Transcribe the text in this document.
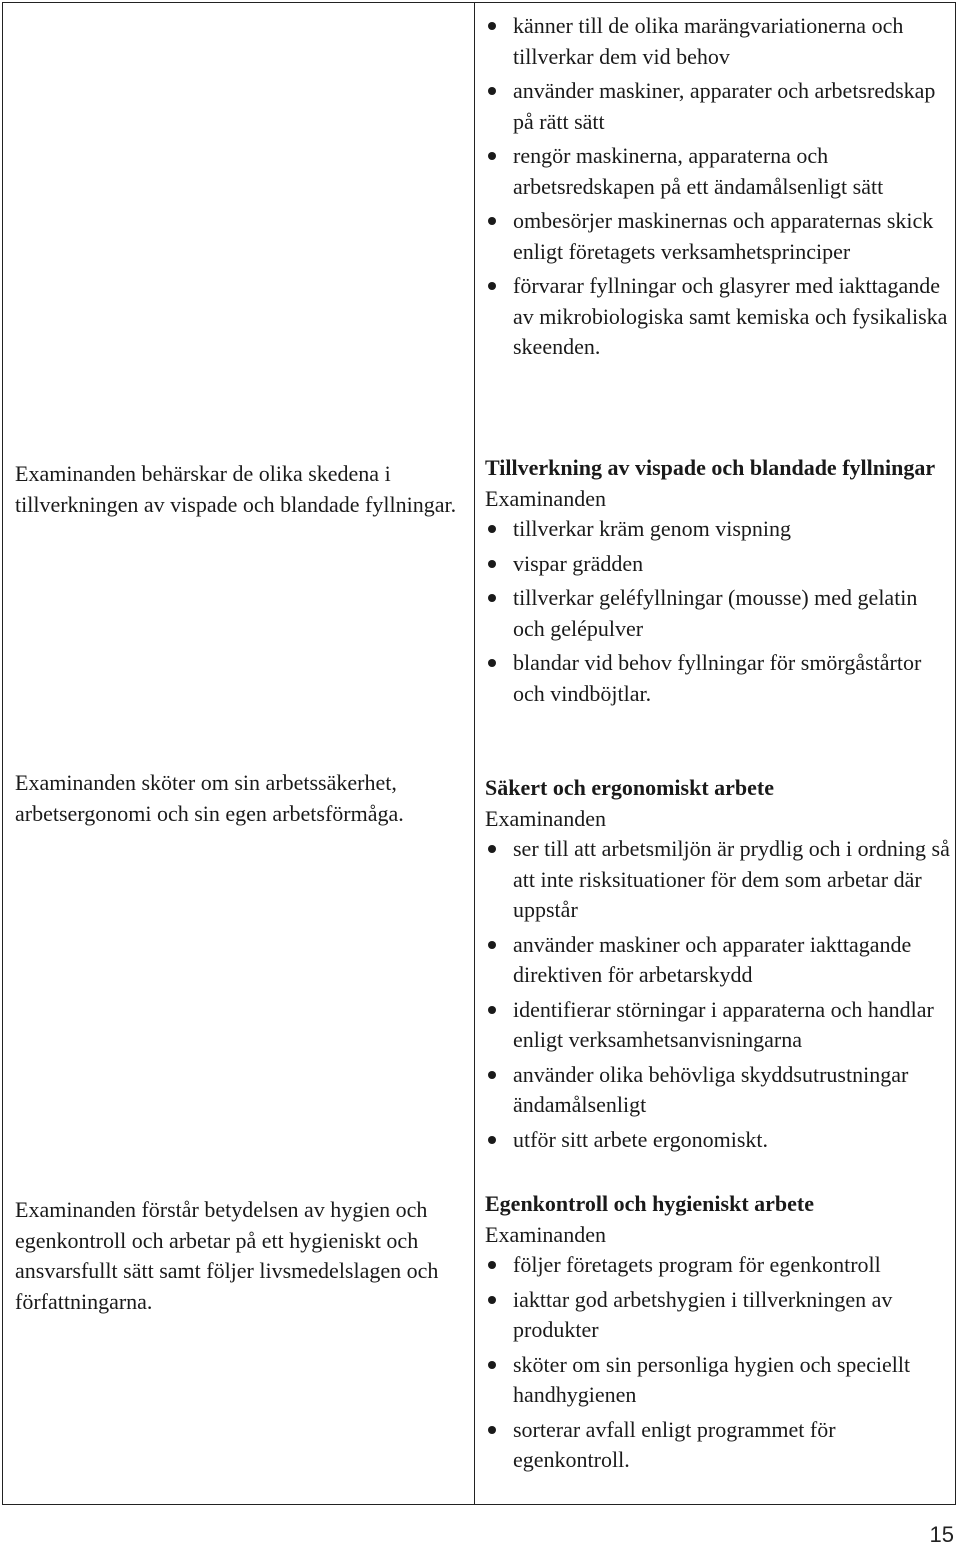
Examinanden behärskar de olika skedena i tillverkningen av vispade och blandade fyllningar.
Examinanden sköter om sin arbetssäkerhet, arbetsergonomi och sin egen arbetsförmåga.
Examinanden förstår betydelsen av hygien och egenkontroll och arbetar på ett hygieniskt och ansvarsfullt sätt samt följer livsmedelslagen och författningarna.
känner till de olika marängvariationerna och tillverkar dem vid behov
använder maskiner, apparater och arbetsredskap på rätt sätt
rengör maskinerna, apparaterna och arbetsredskapen på ett ändamålsenligt sätt
ombesörjer maskinernas och apparaternas skick enligt företagets verksamhetsprinciper
förvarar fyllningar och glasyrer med iakttagande av mikrobiologiska samt kemiska och fysikaliska skeenden.

Tillverkning av vispade och blandade fyllningar

Examinanden

tillverkar kräm genom vispning
vispar grädden
tillverkar geléfyllningar (mousse) med gelatin och gelépulver
blandar vid behov fyllningar för smörgåstårtor och vindböjtlar.

Säkert och ergonomiskt arbete

Examinanden

ser till att arbetsmiljön är prydlig och i ordning så att inte risksituationer för dem som arbetar där uppstår
använder maskiner och apparater iakttagande direktiven för arbetarskydd
identifierar störningar i apparaterna och handlar enligt verksamhetsanvisningarna
använder olika behövliga skyddsutrustningar ändamålsenligt
utför sitt arbete ergonomiskt.

Egenkontroll och hygieniskt arbete

Examinanden

följer företagets program för egenkontroll
iakttar god arbetshygien i tillverkningen av produkter
sköter om sin personliga hygien och speciellt handhygienen
sorterar avfall enligt programmet för egenkontroll.
15
